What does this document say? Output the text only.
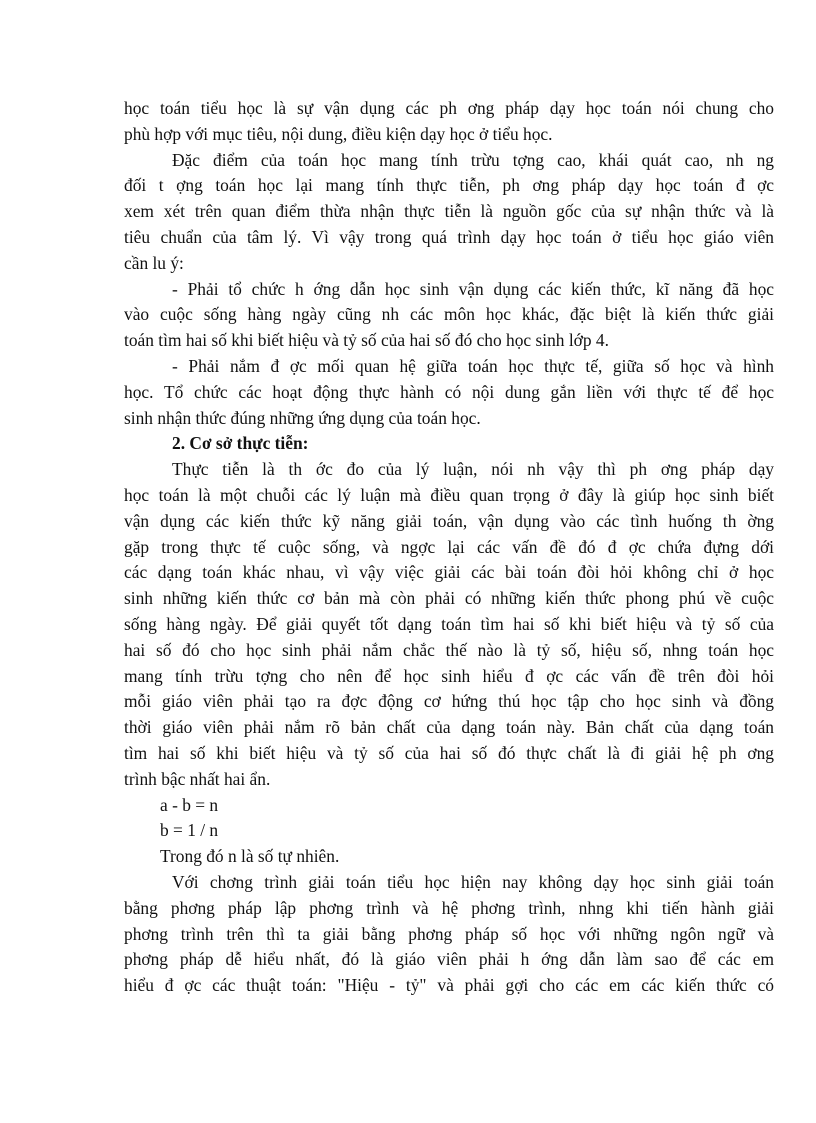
học toán tiểu học là sự vận dụng các ph ơng pháp dạy học toán nói chung cho
phù hợp với mục tiêu, nội dung, điều kiện dạy học ở tiểu học.
Đặc điểm của toán học mang tính trừu tợng cao, khái quát cao, nh ng
đối t ợng toán học lại mang tính thực tiễn, ph ơng pháp dạy học toán đ ợc
xem xét trên quan điểm thừa nhận thực tiễn là nguồn gốc của sự nhận thức và là
tiêu chuẩn của tâm lý. Vì vậy trong quá trình dạy học toán ở tiểu học giáo viên
cần lu ý:
- Phải tổ chức h ớng dẫn học sinh vận dụng các kiến thức, kĩ năng đã học
vào cuộc sống hàng ngày cũng nh các môn học khác, đặc biệt là kiến thức giải
toán tìm hai số khi biết hiệu và tỷ số của hai số đó cho học sinh lớp 4.
- Phải nắm đ ợc mối quan hệ giữa toán học thực tế, giữa số học và hình
học. Tổ chức các hoạt động thực hành có nội dung gắn liền với thực tế để học
sinh nhận thức đúng những ứng dụng của toán học.
2. Cơ sở thực tiễn:
Thực tiễn là th ớc đo của lý luận, nói nh vậy thì ph ơng pháp dạy
học toán là một chuỗi các lý luận mà điều quan trọng ở đây là giúp học sinh biết
vận dụng các kiến thức kỹ năng giải toán, vận dụng vào các tình huống th ờng
gặp trong thực tế cuộc sống, và ngợc lại các vấn đề đó đ ợc chứa đựng dới
các dạng toán khác nhau, vì vậy việc giải các bài toán đòi hỏi không chỉ ở học
sinh những kiến thức cơ bản mà còn phải có những kiến thức phong phú về cuộc
sống hàng ngày. Để giải quyết tốt dạng toán tìm hai số khi biết hiệu và tỷ số của
hai số đó cho học sinh phải nắm chắc thế nào là tỷ số, hiệu số, nhng toán học
mang tính trừu tợng cho nên để học sinh hiểu đ ợc các vấn đề trên đòi hỏi
mỗi giáo viên phải tạo ra đợc động cơ hứng thú học tập cho học sinh và đồng
thời giáo viên phải nắm rõ bản chất của dạng toán này. Bản chất của dạng toán
tìm hai số khi biết hiệu và tỷ số của hai số đó thực chất là đi giải hệ ph ơng
trình bậc nhất hai ẩn.
a - b = n
b = 1 / n
Trong đó n là số tự nhiên.
Với chơng trình giải toán tiểu học hiện nay không dạy học sinh giải toán
bằng phơng pháp lập phơng trình và hệ phơng trình, nhng khi tiến hành giải
phơng trình trên thì ta giải bằng phơng pháp số học với những ngôn ngữ và
phơng pháp dễ hiểu nhất, đó là giáo viên phải h ớng dẫn làm sao để các em
hiểu đ ợc các thuật toán: "Hiệu - tỷ" và phải gợi cho các em các kiến thức có
